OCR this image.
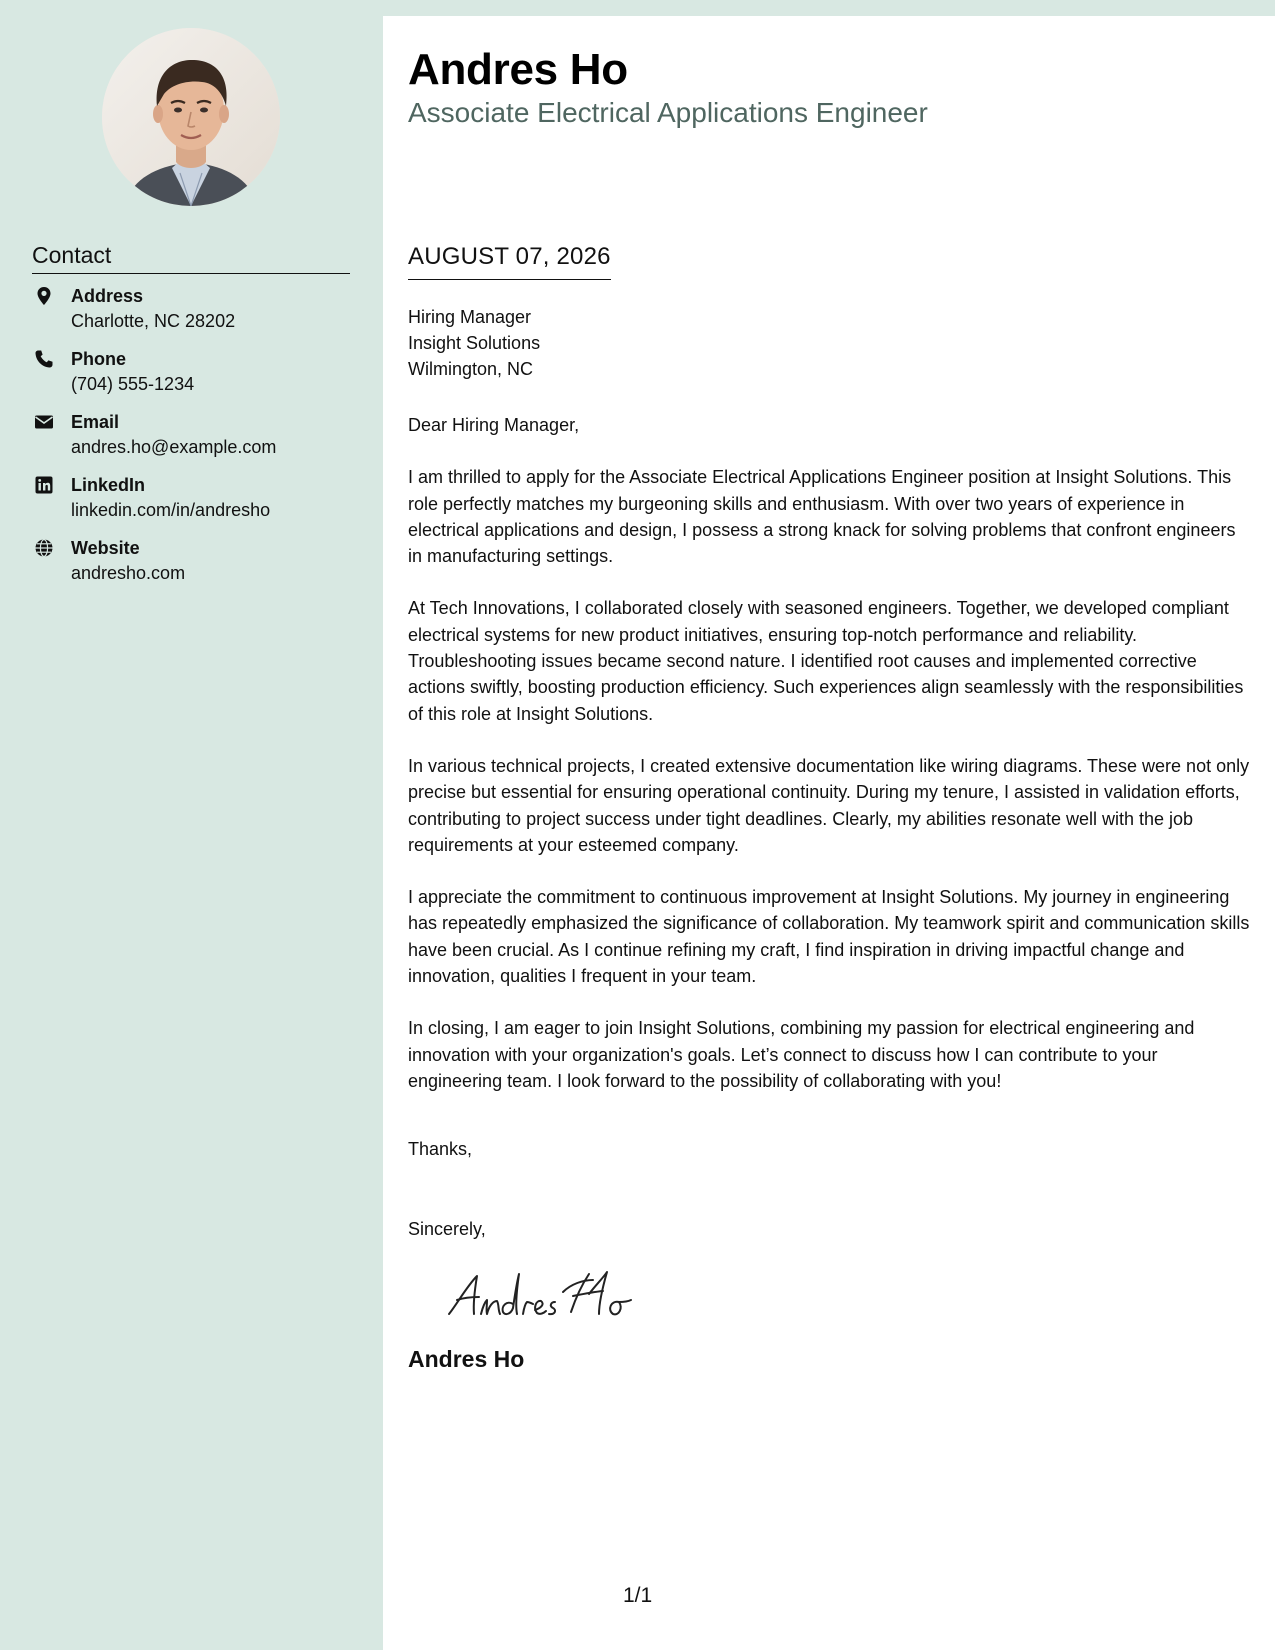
Contact
Address
Charlotte, NC 28202
Phone
(704) 555-1234
Email
andres.ho@example.com
LinkedIn
linkedin.com/in/andresho
Website
andresho.com
Andres Ho
Associate Electrical Applications Engineer
AUGUST 07, 2026
Hiring Manager
Insight Solutions
Wilmington, NC

Dear Hiring Manager,

I am thrilled to apply for the Associate Electrical Applications Engineer position at Insight Solutions. This role perfectly matches my burgeoning skills and enthusiasm. With over two years of experience in electrical applications and design, I possess a strong knack for solving problems that confront engineers in manufacturing settings.

At Tech Innovations, I collaborated closely with seasoned engineers. Together, we developed compliant electrical systems for new product initiatives, ensuring top-notch performance and reliability. Troubleshooting issues became second nature. I identified root causes and implemented corrective actions swiftly, boosting production efficiency. Such experiences align seamlessly with the responsibilities of this role at Insight Solutions.

In various technical projects, I created extensive documentation like wiring diagrams. These were not only precise but essential for ensuring operational continuity. During my tenure, I assisted in validation efforts, contributing to project success under tight deadlines. Clearly, my abilities resonate well with the job requirements at your esteemed company.

I appreciate the commitment to continuous improvement at Insight Solutions. My journey in engineering has repeatedly emphasized the significance of collaboration. My teamwork spirit and communication skills have been crucial. As I continue refining my craft, I find inspiration in driving impactful change and innovation, qualities I frequent in your team.

In closing, I am eager to join Insight Solutions, combining my passion for electrical engineering and innovation with your organization's goals. Let’s connect to discuss how I can contribute to your engineering team. I look forward to the possibility of collaborating with you!

Thanks,
Sincerely,
Andres Ho
1/1
